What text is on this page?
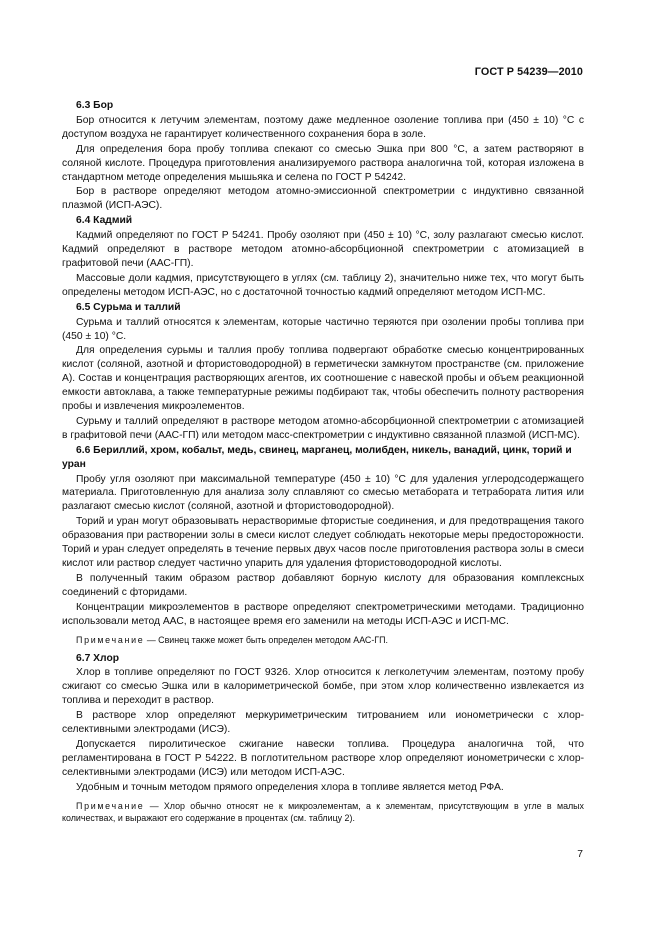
ГОСТ Р 54239—2010
6.3 Бор

Бор относится к летучим элементам, поэтому даже медленное озоление топлива при (450 ± 10) °С с доступом воздуха не гарантирует количественного сохранения бора в золе.

Для определения бора пробу топлива спекают со смесью Эшка при 800 °С, а затем растворяют в соляной кислоте. Процедура приготовления анализируемого раствора аналогична той, которая изложена в стандартном методе определения мышьяка и селена по ГОСТ Р 54242.

Бор в растворе определяют методом атомно-эмиссионной спектрометрии с индуктивно связанной плазмой (ИСП-АЭС).

6.4 Кадмий

Кадмий определяют по ГОСТ Р 54241. Пробу озоляют при (450 ± 10) °С, золу разлагают смесью кислот. Кадмий определяют в растворе методом атомно-абсорбционной спектрометрии с атомизацией в графитовой печи (ААС-ГП).

Массовые доли кадмия, присутствующего в углях (см. таблицу 2), значительно ниже тех, что могут быть определены методом ИСП-АЭС, но с достаточной точностью кадмий определяют методом ИСП-МС.

6.5 Сурьма и таллий

Сурьма и таллий относятся к элементам, которые частично теряются при озолении пробы топлива при (450 ± 10) °С.

Для определения сурьмы и таллия пробу топлива подвергают обработке смесью концентрированных кислот (соляной, азотной и фтористоводородной) в герметически замкнутом пространстве (см. приложение А). Состав и концентрация растворяющих агентов, их соотношение с навеской пробы и объем реакционной емкости автоклава, а также температурные режимы подбирают так, чтобы обеспечить полноту растворения пробы и извлечения микроэлементов.

Сурьму и таллий определяют в растворе методом атомно-абсорбционной спектрометрии с атомизацией в графитовой печи (ААС-ГП) или методом масс-спектрометрии с индуктивно связанной плазмой (ИСП-МС).

6.6 Бериллий, хром, кобальт, медь, свинец, марганец, молибден, никель, ванадий, цинк, торий и уран

Пробу угля озоляют при максимальной температуре (450 ± 10) °С для удаления углеродсодержащего материала. Приготовленную для анализа золу сплавляют со смесью метабората и тетрабората лития или разлагают смесью кислот (соляной, азотной и фтористоводородной).

Торий и уран могут образовывать нерастворимые фтористые соединения, и для предотвращения такого образования при растворении золы в смеси кислот следует соблюдать некоторые меры предосторожности. Торий и уран следует определять в течение первых двух часов после приготовления раствора золы в смеси кислот или раствор следует частично упарить для удаления фтористоводородной кислоты.

В полученный таким образом раствор добавляют борную кислоту для образования комплексных соединений с фторидами.

Концентрации микроэлементов в растворе определяют спектрометрическими методами. Традиционно использовали метод ААС, в настоящее время его заменили на методы ИСП-АЭС и ИСП-МС.

Примечание — Свинец также может быть определен методом ААС-ГП.
6.7 Хлор

Хлор в топливе определяют по ГОСТ 9326. Хлор относится к легколетучим элементам, поэтому пробу сжигают со смесью Эшка или в калориметрической бомбе, при этом хлор количественно извлекается из топлива и переходит в раствор.

В растворе хлор определяют меркуриметрическим титрованием или ионометрически с хлор-селективными электродами (ИСЭ).

Допускается пиролитическое сжигание навески топлива. Процедура аналогична той, что регламентирована в ГОСТ Р 54222. В поглотительном растворе хлор определяют ионометрически с хлор-селективными электродами (ИСЭ) или методом ИСП-АЭС.

Удобным и точным методом прямого определения хлора в топливе является метод РФА.

Примечание — Хлор обычно относят не к микроэлементам, а к элементам, присутствующим в угле в малых количествах, и выражают его содержание в процентах (см. таблицу 2).
7
